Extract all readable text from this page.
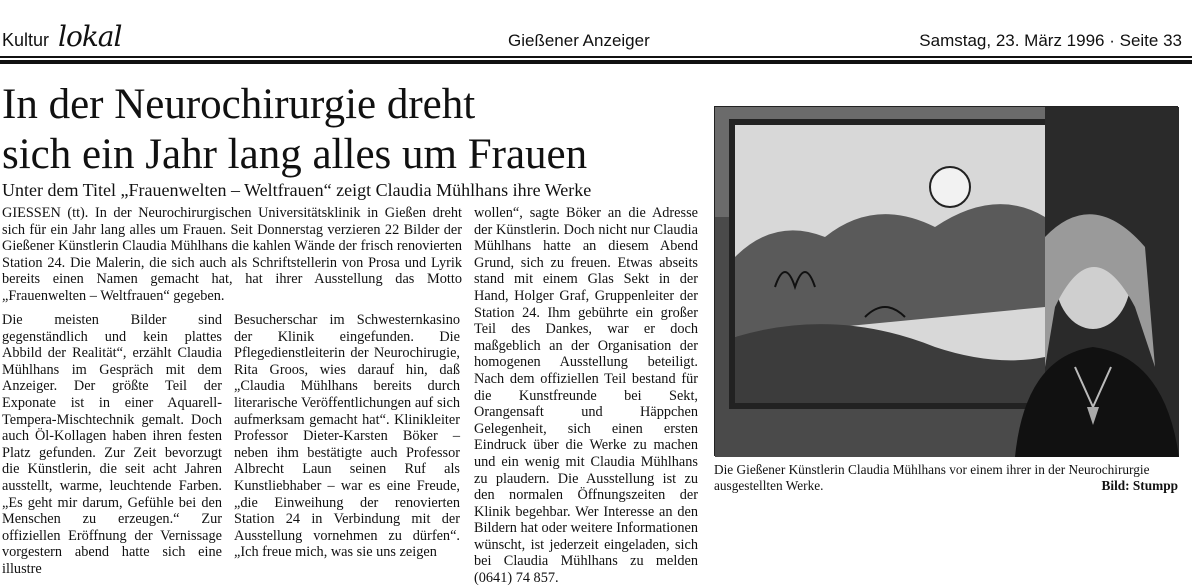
Kultur lokal	Gießener Anzeiger	Samstag, 23. März 1996 · Seite 33
In der Neurochirurgie dreht
sich ein Jahr lang alles um Frauen
Unter dem Titel „Frauenwelten – Weltfrauen“ zeigt Claudia Mühlhans ihre Werke

GIESSEN (tt). In der Neurochirurgischen Universitätsklinik in Gießen dreht sich für ein Jahr lang alles um Frauen. Seit Donnerstag verzieren 22 Bilder der Gießener Künstlerin Claudia Mühlhans die kahlen Wände der frisch renovierten Station 24. Die Malerin, die sich auch als Schriftstellerin von Prosa und Lyrik bereits einen Namen gemacht hat, hat ihrer Ausstellung das Motto „Frauenwelten – Weltfrauen“ gegeben.

Die meisten Bilder sind gegenständlich und kein plattes Abbild der Realität“, erzählt Claudia Mühlhans im Gespräch mit dem Anzeiger. Der größte Teil der Exponate ist in einer Aquarell-Tempera-Mischtechnik gemalt. Doch auch Öl-Kollagen haben ihren festen Platz gefunden. Zur Zeit bevorzugt die Künstlerin, die seit acht Jahren ausstellt, warme, leuchtende Farben. „Es geht mir darum, Gefühle bei den Menschen zu erzeugen.“ Zur offiziellen Eröffnung der Vernissage vorgestern abend hatte sich eine illustre

Besucherschar im Schwesternkasino der Klinik eingefunden. Die Pflegedienstleiterin der Neurochirugie, Rita Groos, wies darauf hin, daß „Claudia Mühlhans bereits durch literarische Veröffentlichungen auf sich aufmerksam gemacht hat“. Klinikleiter Professor Dieter-Karsten Böker – neben ihm bestätigte auch Professor Albrecht Laun seinen Ruf als Kunstliebhaber – war es eine Freude, „die Einweihung der renovierten Station 24 in Verbindung mit der Ausstellung vornehmen zu dürfen“. „Ich freue mich, was sie uns zeigen

wollen“, sagte Böker an die Adresse der Künstlerin. Doch nicht nur Claudia Mühlhans hatte an diesem Abend Grund, sich zu freuen. Etwas abseits stand mit einem Glas Sekt in der Hand, Holger Graf, Gruppenleiter der Station 24. Ihm gebührte ein großer Teil des Dankes, war er doch maßgeblich an der Organisation der homogenen Ausstellung beteiligt. Nach dem offiziellen Teil bestand für die Kunstfreunde bei Sekt, Orangensaft und Häppchen Gelegenheit, sich einen ersten Eindruck über die Werke zu machen und ein wenig mit Claudia Mühlhans zu plaudern. Die Ausstellung ist zu den normalen Öffnungszeiten der Klinik begehbar. Wer Interesse an den Bildern hat oder weitere Informationen wünscht, ist jederzeit eingeladen, sich bei Claudia Mühlhans zu melden (0641) 74 857.

Die Gießener Künstlerin Claudia Mühlhans vor einem ihrer in der Neurochirurgie ausgestellten Werke.	Bild: Stumpp
